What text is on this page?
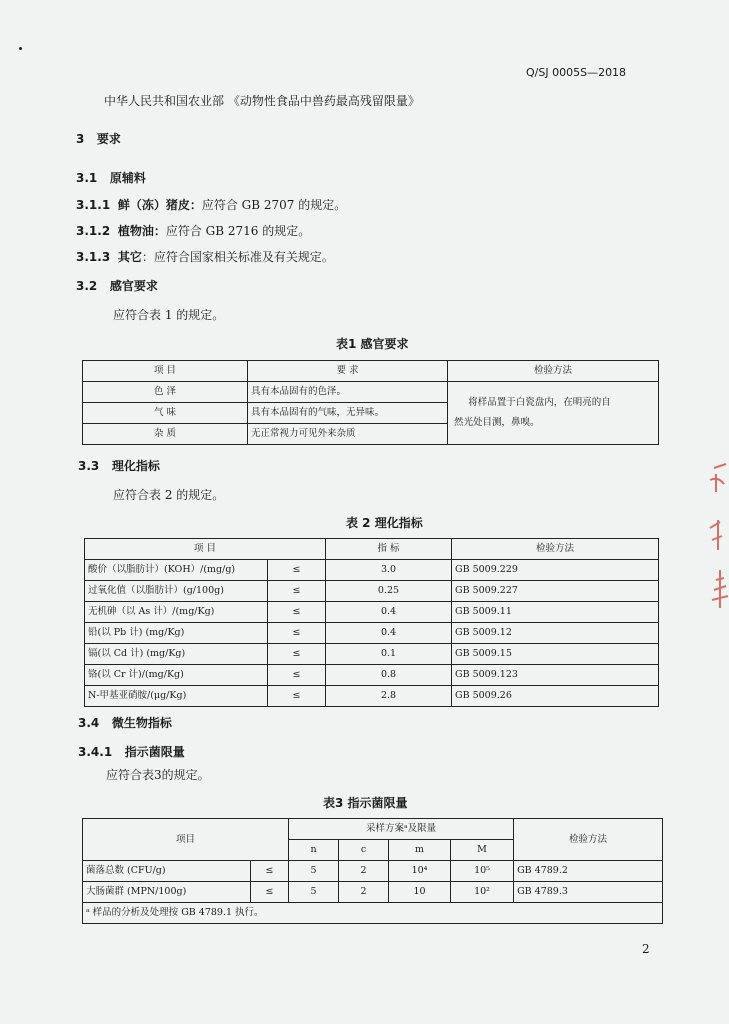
Q/SJ 0005S—2018
中华人民共和国农业部 《动物性食品中兽药最高残留限量》
3 要求
3.1 原辅料
3.1.1 鲜（冻）猪皮：应符合 GB 2707 的规定。
3.1.2 植物油：应符合 GB 2716 的规定。
3.1.3 其它：应符合国家相关标准及有关规定。
3.2 感官要求
应符合表 1 的规定。
表1 感官要求
项 目	要 求	检验方法
色 泽	具有本品固有的色泽。	将样品置于白瓷盘内，在明亮的自
然光处目测，鼻嗅。

气 味	具有本品固有的气味，无异味。	
杂 质	无正常视力可见外来杂质	
3.3 理化指标
应符合表 2 的规定。
表 2 理化指标
项 目		指 标	检验方法
酸价（以脂肪计）(KOH）/(mg/g)	≤	3.0	GB 5009.229
过氧化值（以脂肪计）(g/100g)	≤	0.25	GB 5009.227
无机砷（以 As 计）/(mg/Kg)	≤	0.4	GB 5009.11
铅(以 Pb 计) (mg/Kg)	≤	0.4	GB 5009.12
镉(以 Cd 计) (mg/Kg)	≤	0.1	GB 5009.15
铬(以 Cr 计)/(mg/Kg)	≤	0.8	GB 5009.123
N-甲基亚硝胺/(μg/Kg)	≤	2.8	GB 5009.26
3.4 微生物指标
3.4.1 指示菌限量
应符合表3的规定。
表3 指示菌限量
项目		采样方案ᵃ及限量				检验方法
		n	c	m	M	
菌落总数 (CFU/g)	≤	5	2	10⁴	10⁵	GB 4789.2
大肠菌群 (MPN/100g)	≤	5	2	10	10²	GB 4789.3
ᵃ 样品的分析及处理按 GB 4789.1 执行。						
2
